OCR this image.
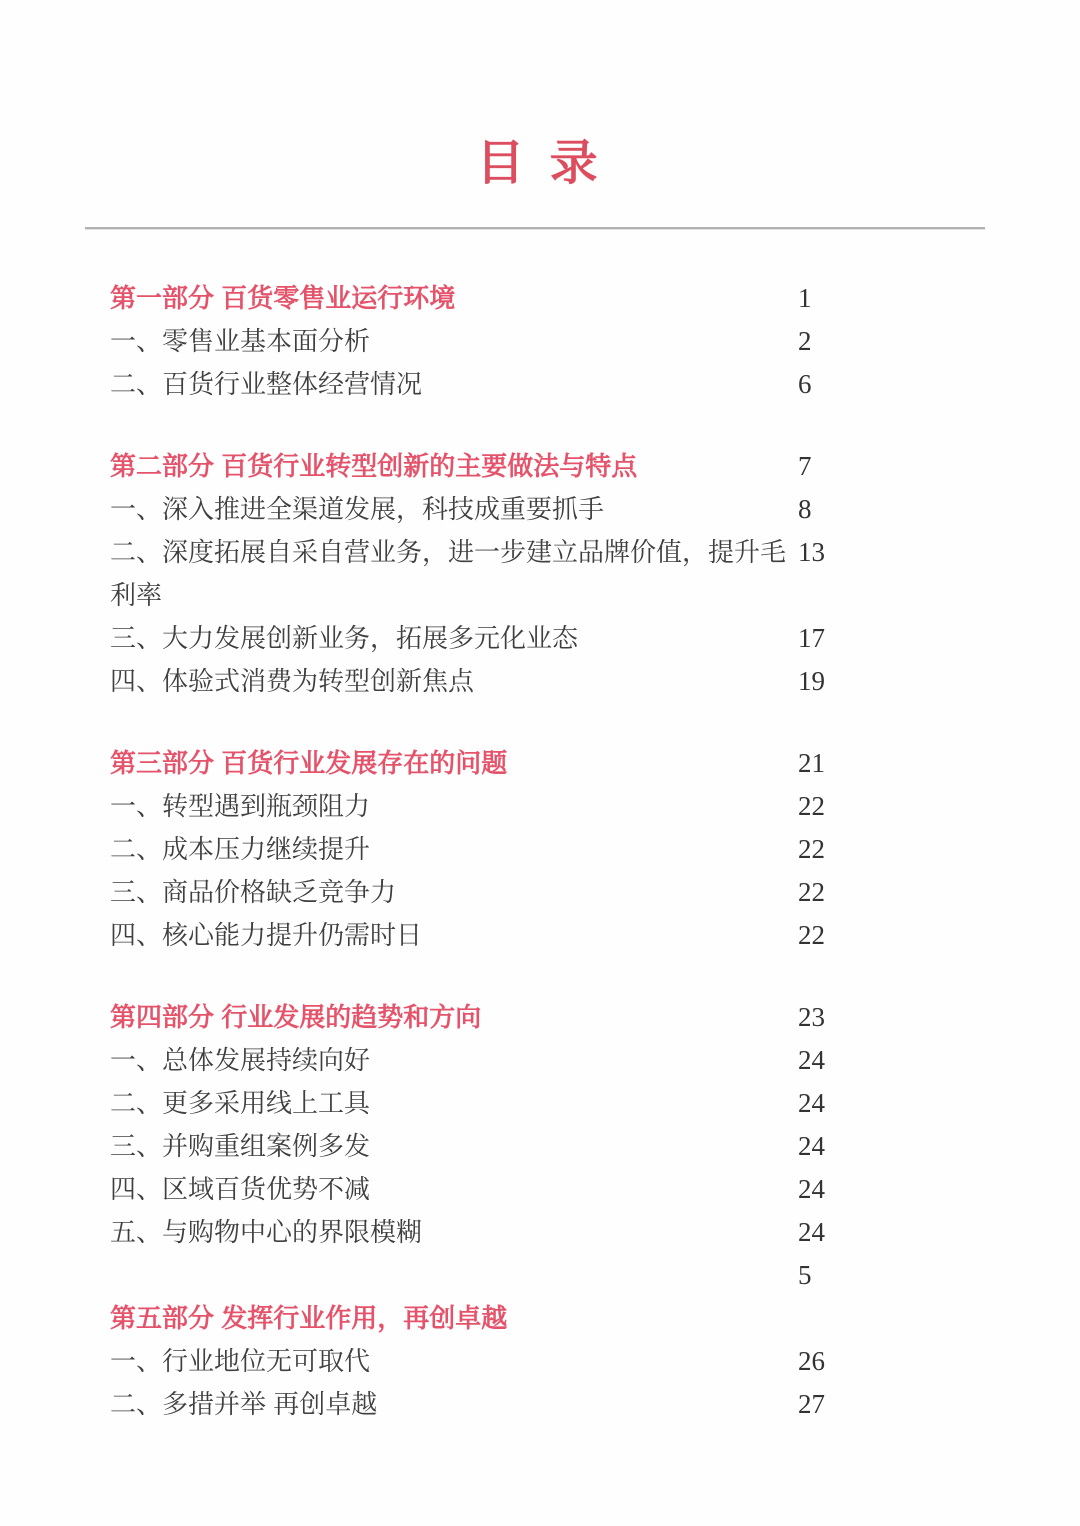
目 录
第一部分 百货零售业运行环境	1
一、零售业基本面分析	2
二、百货行业整体经营情况	6
第二部分 百货行业转型创新的主要做法与特点	7
一、深入推进全渠道发展，科技成重要抓手	8
二、深度拓展自采自营业务，进一步建立品牌价值，提升毛 13
利率
三、大力发展创新业务，拓展多元化业态	17
四、体验式消费为转型创新焦点	19
第三部分 百货行业发展存在的问题	21
一、转型遇到瓶颈阻力	22
二、成本压力继续提升	22
三、商品价格缺乏竞争力	22
四、核心能力提升仍需时日	22
第四部分 行业发展的趋势和方向	23
一、总体发展持续向好	24
二、更多采用线上工具	24
三、并购重组案例多发	24
四、区域百货优势不减	24
五、与购物中心的界限模糊	24
5
第五部分 发挥行业作用，再创卓越
一、行业地位无可取代	26
二、多措并举 再创卓越	27
